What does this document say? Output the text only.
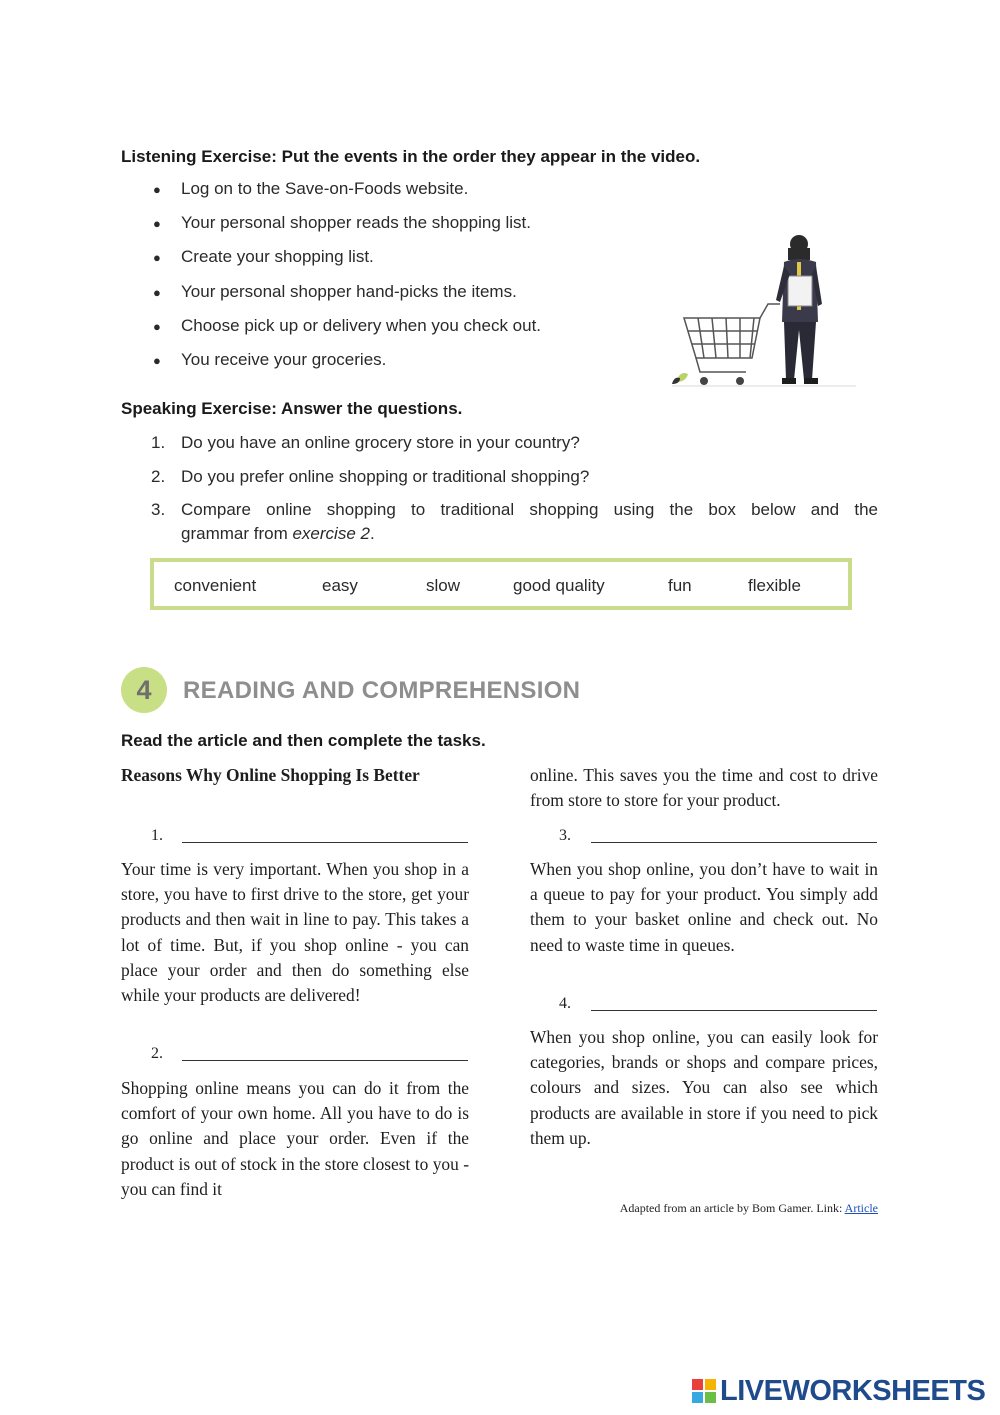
Listening Exercise: Put the events in the order they appear in the video.
● Log on to the Save-on-Foods website.
● Your personal shopper reads the shopping list.
● Create your shopping list.
● Your personal shopper hand-picks the items.
● Choose pick up or delivery when you check out.
● You receive your groceries.
Speaking Exercise: Answer the questions.
1. Do you have an online grocery store in your country?
2. Do you prefer online shopping or traditional shopping?
3. Compare online shopping to traditional shopping using the box below and the
grammar from exercise 2.
convenient	easy	slow	good quality	fun	flexible
4	READING AND COMPREHENSION
Read the article and then complete the tasks.
Reasons Why Online Shopping Is Better
1.
Your time is very important. When you shop in a store, you have to first drive to the store, get your products and then wait in line to pay. This takes a lot of time. But, if you shop online - you can place your order and then do something else while your products are delivered!
2.
Shopping online means you can do it from the comfort of your own home. All you have to do is go online and place your order. Even if the product is out of stock in the store closest to you - you can find it
online. This saves you the time and cost to drive from store to store for your product.
3.
When you shop online, you don’t have to wait in a queue to pay for your product. You simply add them to your basket online and check out. No need to waste time in queues.
4.
When you shop online, you can easily look for categories, brands or shops and compare prices, colours and sizes. You can also see which products are available in store if you need to pick them up.
Adapted from an article by Bom Gamer. Link: Article
LIVEWORKSHEETS
